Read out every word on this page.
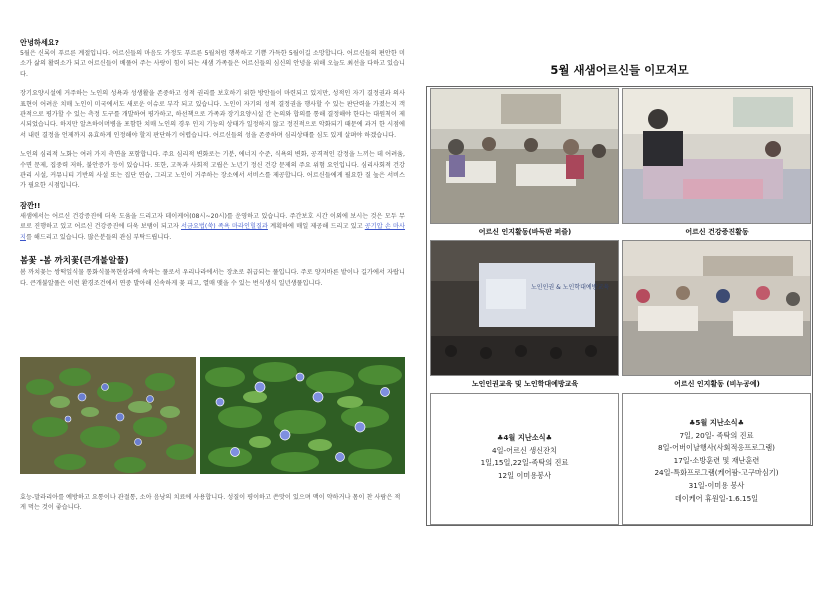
안녕하세요?

5월은 신록이 푸르른 계절입니다. 어르신들의 마음도 가정도 푸르른 5월처럼 행복하고 기쁨 가득한 5월이길 소망합니다. 어르신들의 편안한 미소가 삶의 활력소가 되고 어르신들이 베풀어 주는 사랑이 힘이 되는 새샘 가족들은 어르신들의 심신의 안녕을 위해 오늘도 최선을 다하고 있습니다.

장기요양시설에 거주하는 노인의 성욕과 성생활을 존중하고 성적 권리를 보호하기 위한 방안들이 마련되고 있지만, 성적인 자기 결정권과 의사 표현이 어려운 치매 노인이 미국에서도 새로운 이슈로 부각 되고 있습니다. 노인이 자기의 성적 결정권을 행사할 수 있는 판단력을 가졌는지 객관적으로 평가할 수 있는 측정 도구를 개발하여 평가하고, 하선책으로 가족과 장기요양시설 간 논의와 합의를 통해 결정해야 한다는 대원칙이 제시되었습니다. 하지만 알츠하이머병을 포함한 치매 노인의 경우 인지 기능의 상태가 일정하지 않고 정진적으로 악화되기 때문에 과거 한 시점에서 내린 결정을 언제까지 유효하게 인정해야 할지 판단하기 어렵습니다. 어르신들의 성을 존중하며 심리상태를 심도 있게 살펴야 하겠습니다.

노인의 심리적 노화는 여러 가지 측면을 포함합니다. 주요 심리적 변화로는 기분, 에너지 수준, 식욕의 변화, 공격적인 감정을 느끼는 데 어려움, 수면 문제, 집중력 저하, 불안증가 등이 있습니다. 또한, 고독과 사회적 고립은 노년기 정신 건강 문제의 주요 위험 요인입니다. 심리사회적 건강 관리 시설, 커뮤니티 기반의 사설 또는 집단 연습, 그리고 노인이 거주하는 장소에서 서비스를 제공합니다. 어르신들에게 필요한 질 높은 서비스가 필요한 시점입니다.

잠깐!!

새샘에서는 어르신 건강증진에 더욱 도움을 드리고자 데이케어(08시~20시)를 운영하고 있습니다. 주간보호 시간 이외에 보시는 것은 모두 무료로 진행하고 있고 어르신 건강증진에 더욱 보탬이 되고자 서금요법(쑥) 족욕 마라인힐질과 계획하에 매일 제공해 드리고 있고 공기압 손 마사지를 해드리고 있습니다. 많은분들의 관심 부탁드립니다.

봄꽃 -봄 까치꽃(큰개불알풀)

봄 까치꽃는 쌍떡잎식물 통화식물목현삼과에 속하는 풀로서 우리나라에서는 장초로 취급되는 풀입니다. 주로 양지바른 밭이나 길가에서 자랍니다. 큰개불알풀은 이런 환경조건에서 연중 발아해 신속하게 꽃 피고, 열매 맺을 수 있는 번식생식 일년생풀입니다.

효능-말라리아를 예방하고 요통이나 관절통, 소아 음낭의 치료에 사용합니다. 성질이 평이하고 쓴맛이 있으며 맥이 약하거나 몸이 찬 사람은 적게 먹는 것이 좋습니다.
5월 새샘어르신들 이모저모
어르신 인지활동(바둑판 퍼즐)	어르신 건강증진활동
노인인권 & 노인학대예방교육
노인인권교육 및 노인학대예방교육	어르신 인지활동 (비누공예)
♣4월 지난소식♣
4일-어르신 생신잔치
1일,15일,22일-족탁의 진료
12일 이미용봉사
♣5월 지난소식♣
7일, 20일- 족탁의 진료
8일-어버이날행사(사회적응프로그램)
17일-소방훈련 및 재난훈련
24일-특화프로그램(케어팜-고구마심기)
31일-이미용 봉사
데이케어 휴원일-1.6.15일
